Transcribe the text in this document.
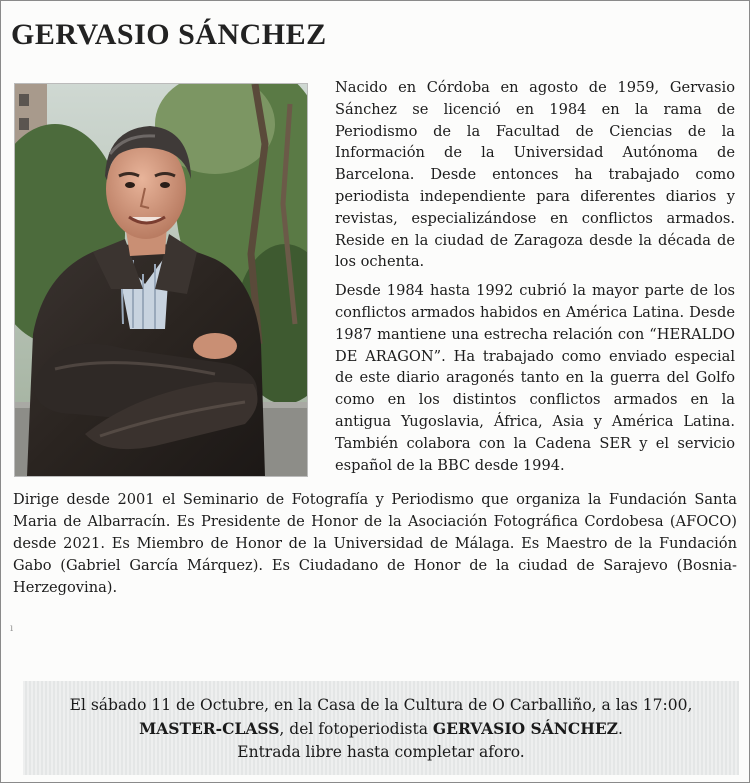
GERVASIO SÁNCHEZ

Nacido en Córdoba en agosto de 1959, Gervasio Sánchez se licenció en 1984 en la rama de Periodismo de la Facultad de Ciencias de la Información de la Universidad Autónoma de Barcelona. Desde entonces ha trabajado como periodista independiente para diferentes diarios y revistas, especializándose en conflictos armados. Reside en la ciudad de Zaragoza desde la década de los ochenta.

Desde 1984 hasta 1992 cubrió la mayor parte de los conflictos armados habidos en América Latina. Desde 1987 mantiene una estrecha relación con “HERALDO DE ARAGON”. Ha trabajado como enviado especial de este diario aragonés tanto en la guerra del Golfo como en los distintos conflictos armados en la antigua Yugoslavia, África, Asia y América Latina. También colabora con la Cadena SER y el servicio español de la BBC desde 1994.

Dirige desde 2001 el Seminario de Fotografía y Periodismo que organiza la Fundación Santa Maria de Albarracín. Es Presidente de Honor de la Asociación Fotográfica Cordobesa (AFOCO) desde 2021. Es Miembro de Honor de la Universidad de Málaga. Es Maestro de la Fundación Gabo (Gabriel García Márquez). Es Ciudadano de Honor de la ciudad de Sarajevo (Bosnia-Herzegovina).

ı
El sábado 11 de Octubre, en la Casa de la Cultura de O Carballiño, a las 17:00,
MASTER-CLASS, del fotoperiodista GERVASIO SÁNCHEZ.
Entrada libre hasta completar aforo.
